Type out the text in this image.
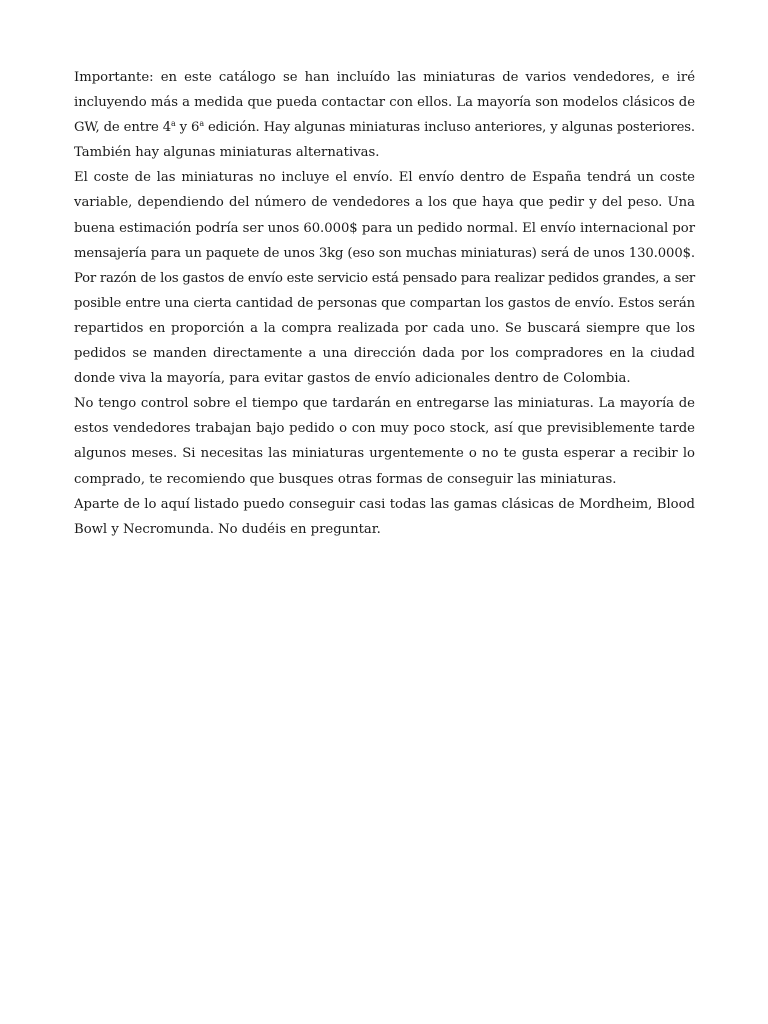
Importante: en este catálogo se han incluído las miniaturas de varios vendedores, e iré
incluyendo más a medida que pueda contactar con ellos. La mayoría son modelos clásicos de
GW, de entre 4$^a$ y 6$^a$ edición. Hay algunas miniaturas incluso anteriores, y algunas posteriores.
También hay algunas miniaturas alternativas.

El coste de las miniaturas no incluye el envío. El envío dentro de España tendrá un coste
variable, dependiendo del número de vendedores a los que haya que pedir y del peso. Una
buena estimación podría ser unos 60.000$ para un pedido normal. El envío internacional por
mensajería para un paquete de unos 3kg (eso son muchas miniaturas) será de unos 130.000$.
Por razón de los gastos de envío este servicio está pensado para realizar pedidos grandes, a ser
posible entre una cierta cantidad de personas que compartan los gastos de envío. Estos serán
repartidos en proporción a la compra realizada por cada uno. Se buscará siempre que los
pedidos se manden directamente a una dirección dada por los compradores en la ciudad
donde viva la mayoría, para evitar gastos de envío adicionales dentro de Colombia.

No tengo control sobre el tiempo que tardarán en entregarse las miniaturas. La mayoría de
estos vendedores trabajan bajo pedido o con muy poco stock, así que previsiblemente tarde
algunos meses. Si necesitas las miniaturas urgentemente o no te gusta esperar a recibir lo
comprado, te recomiendo que busques otras formas de conseguir las miniaturas.

Aparte de lo aquí listado puedo conseguir casi todas las gamas clásicas de Mordheim, Blood
Bowl y Necromunda. No dudéis en preguntar.
